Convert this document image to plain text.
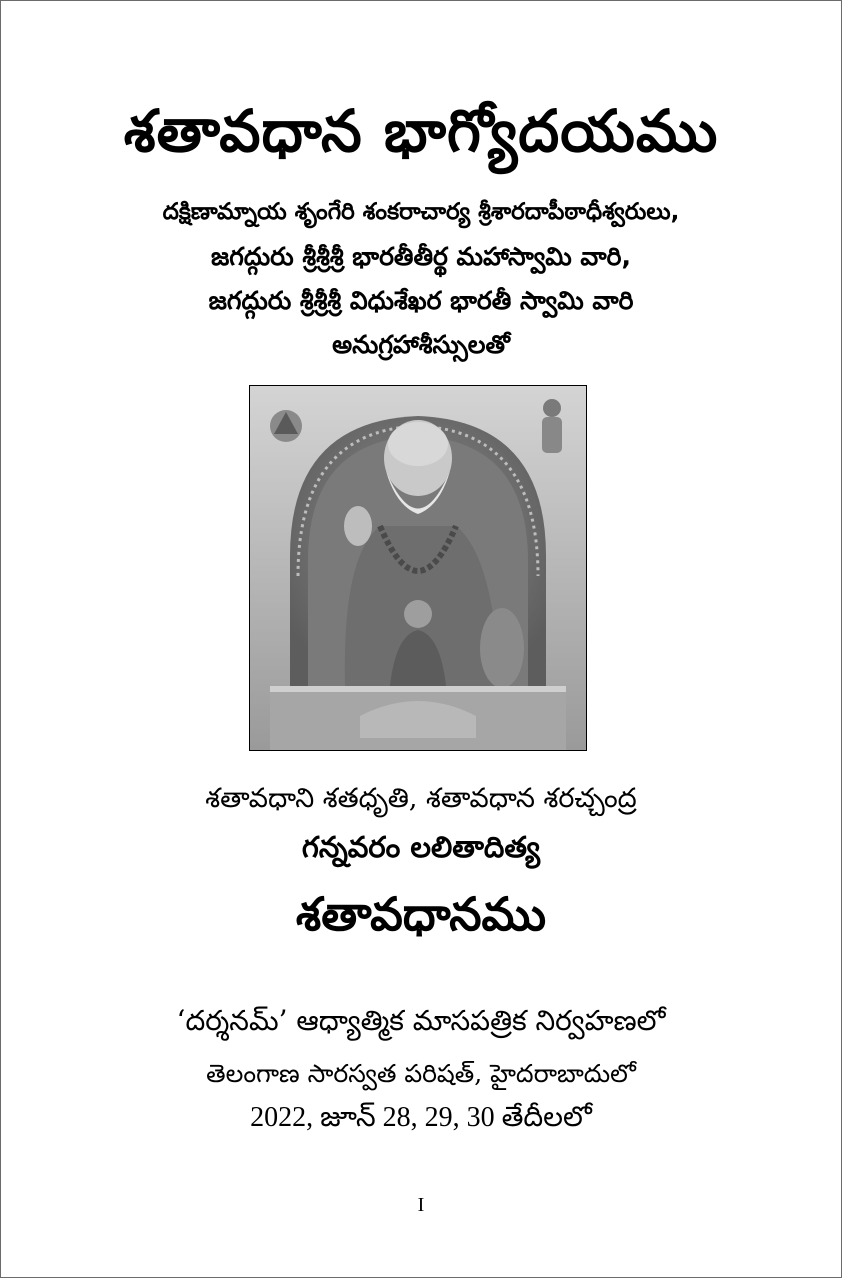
శతావధాన భాగ్యోదయము
దక్షిణామ్నాయ శృంగేరి శంకరాచార్య శ్రీశారదాపీఠాధీశ్వరులు,
జగద్గురు శ్రీశ్రీశ్రీ భారతీతీర్థ మహాస్వామి వారి,
జగద్గురు శ్రీశ్రీశ్రీ విధుశేఖర భారతీ స్వామి వారి
అనుగ్రహాశీస్సులతో
శతావధాని శతధృతి, శతావధాన శరచ్చంద్ర
గన్నవరం లలితాదిత్య
శతావధానము
‘దర్శనమ్’ ఆధ్యాత్మిక మాసపత్రిక నిర్వహణలో
తెలంగాణ సారస్వత పరిషత్, హైదరాబాదులో
2022, జూన్ 28, 29, 30 తేదీలలో
I
